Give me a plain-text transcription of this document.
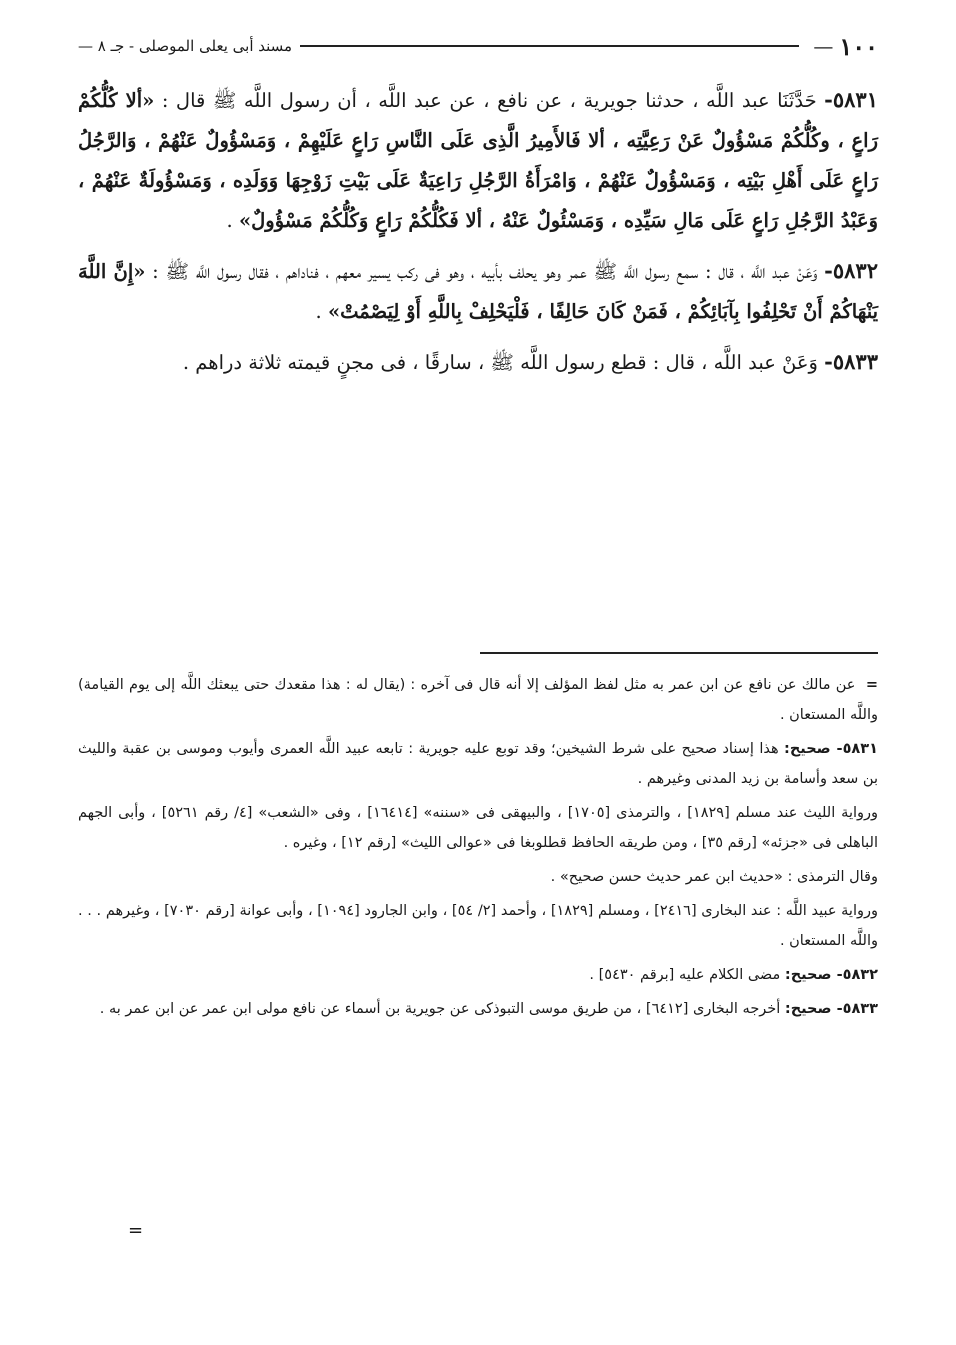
١٠٠
—
مسند أبى يعلى الموصلى - جـ ٨ —

٥٨٣١- حَدَّثَنَا عبد اللَّه ، حدثنا جويرية ، عن نافع ، عن عبد اللَّه ، أن رسول اللَّه ﷺ قال : «ألا كُلُّكُمْ رَاعٍ ، وكُلُّكُمْ مَسْؤُولٌ عَنْ رَعِيَّتِه ، ألا فَالأَمِيرُ الَّذِى عَلَى النَّاسِ رَاعٍ عَلَيْهِمْ ، وَمَسْؤُولٌ عَنْهُمْ ، وَالرَّجُلُ رَاعٍ عَلَى أَهْلِ بَيْتِه ، وَمَسْؤُولٌ عَنْهُمْ ، وَامْرَأَةُ الرَّجُلِ رَاعِيَةٌ عَلَى بَيْتِ زَوْجِهَا وَوَلَدِه ، وَمَسْؤُولَةٌ عَنْهُمْ ، وَعَبْدُ الرَّجُلِ رَاعٍ عَلَى مَالِ سَيِّدِه ، وَمَسْئُولٌ عَنْهُ ، ألا فَكُلُّكُمْ رَاعٍ وَكُلُّكُمْ مَسْؤُولٌ» .

٥٨٣٢- وَعَنْ عبد اللَّه ، قال : سمع رسول اللَّه ﷺ عمر وهو يحلف بأبيه ، وهو فى ركب يسير معهم ، فناداهم ، فقال رسول اللَّه ﷺ : «إِنَّ اللَّهَ يَنْهَاكُمْ أَنْ تَحْلِفُوا بِآبَائِكُمْ ، فَمَنْ كَانَ حَالِفًا ، فَلْيَحْلِفْ بِاللَّهِ أَوْ لِيَصْمُتْ» .

٥٨٣٣- وَعَنْ عبد اللَّه ، قال : قطع رسول اللَّه ﷺ ، سارقًا ، فى مجنٍ قيمته ثلاثة دراهم .

=  عن مالك عن نافع عن ابن عمر به مثل لفظ المؤلف إلا أنه قال فى آخره : (يقال له : هذا مقعدك حتى يبعثك اللَّه إلى يوم القيامة) واللَّه المستعان .

٥٨٣١- صحيح: هذا إسناد صحيح على شرط الشيخين؛ وقد توبع عليه جويرية : تابعه عبيد اللَّه العمرى وأيوب وموسى بن عقبة والليث بن سعد وأسامة بن زيد المدنى وغيرهم .

ورواية الليث عند مسلم [١٨٢٩] ، والترمذى [١٧٠٥] ، والبيهقى فى «سننه» [١٦٤١٤] ، وفى «الشعب» [٤/ رقم ٥٢٦١] ، وأبى الجهم الباهلى فى «جزئه» [رقم ٣٥] ، ومن طريقه الحافظ قطلوبغا فى «عوالى الليث» [رقم ١٢] ، وغيره .

وقال الترمذى : «حديث ابن عمر حديث حسن صحيح» .

ورواية عبيد اللَّه : عند البخارى [٢٤١٦] ، ومسلم [١٨٢٩] ، وأحمد [٢/ ٥٤] ، وابن الجارود [١٠٩٤] ، وأبى عوانة [رقم ٧٠٣٠] ، وغيرهم . . . واللَّه المستعان .

٥٨٣٢- صحيح: مضى الكلام عليه [برقم ٥٤٣٠] .

٥٨٣٣- صحيح: أخرجه البخارى [٦٤١٢] ، من طريق موسى التبوذكى عن جويرية بن أسماء عن نافع مولى ابن عمر عن ابن عمر به .

=
